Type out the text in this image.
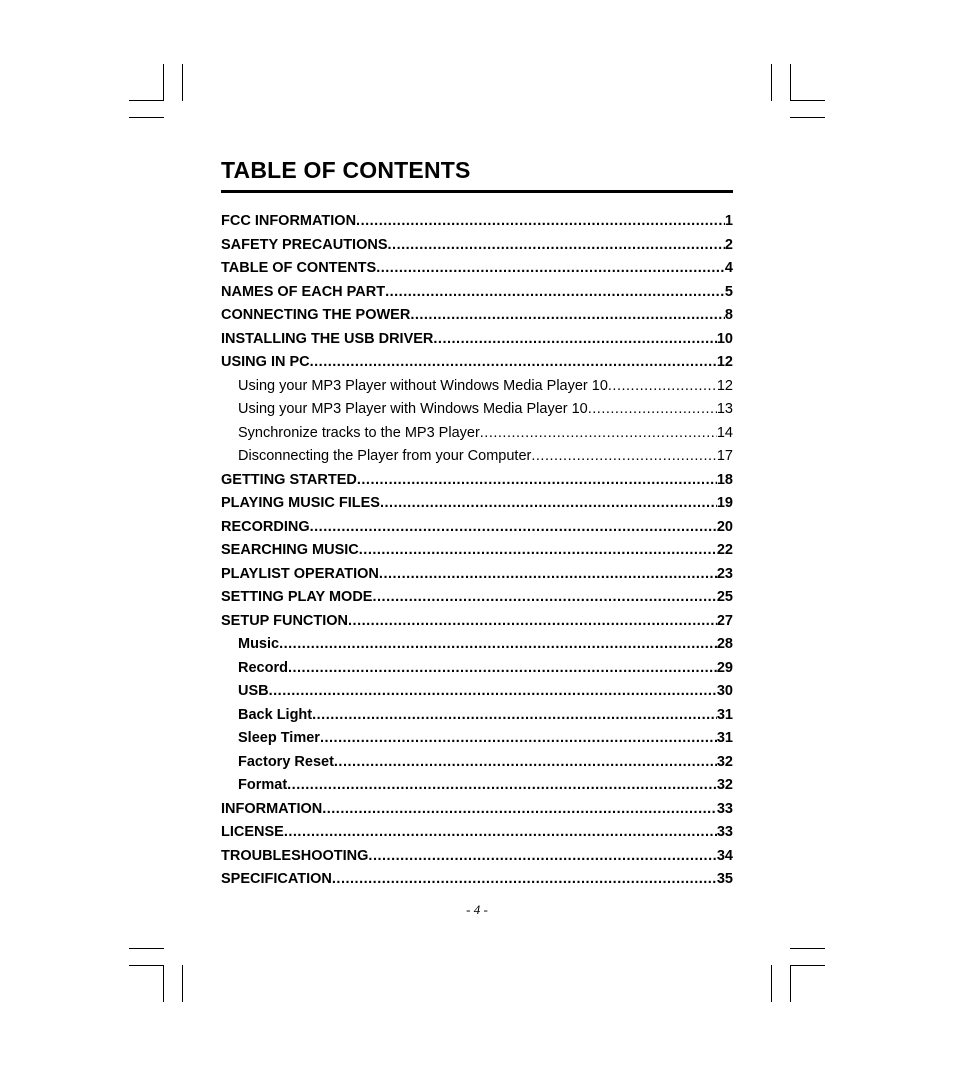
TABLE OF CONTENTS
FCC INFORMATION .....	1
SAFETY PRECAUTIONS .....	2
TABLE OF CONTENTS .....	4
NAMES OF EACH PART .....	5
CONNECTING THE POWER .....	8
INSTALLING THE USB DRIVER .....	10
USING IN PC .....	12
Using your MP3 Player without Windows Media Player 10 .....	12
Using your MP3 Player with Windows Media Player 10 .....	13
Synchronize tracks to the MP3 Player .....	14
Disconnecting the Player from your Computer .....	17
GETTING STARTED .....	18
PLAYING MUSIC FILES .....	19
RECORDING .....	20
SEARCHING MUSIC .....	22
PLAYLIST OPERATION .....	23
SETTING PLAY MODE .....	25
SETUP FUNCTION .....	27
Music .....	28
Record .....	29
USB .....	30
Back Light .....	31
Sleep Timer .....	31
Factory Reset .....	32
Format .....	32
INFORMATION .....	33
LICENSE .....	33
TROUBLESHOOTING .....	34
SPECIFICATION .....	35
- 4 -
